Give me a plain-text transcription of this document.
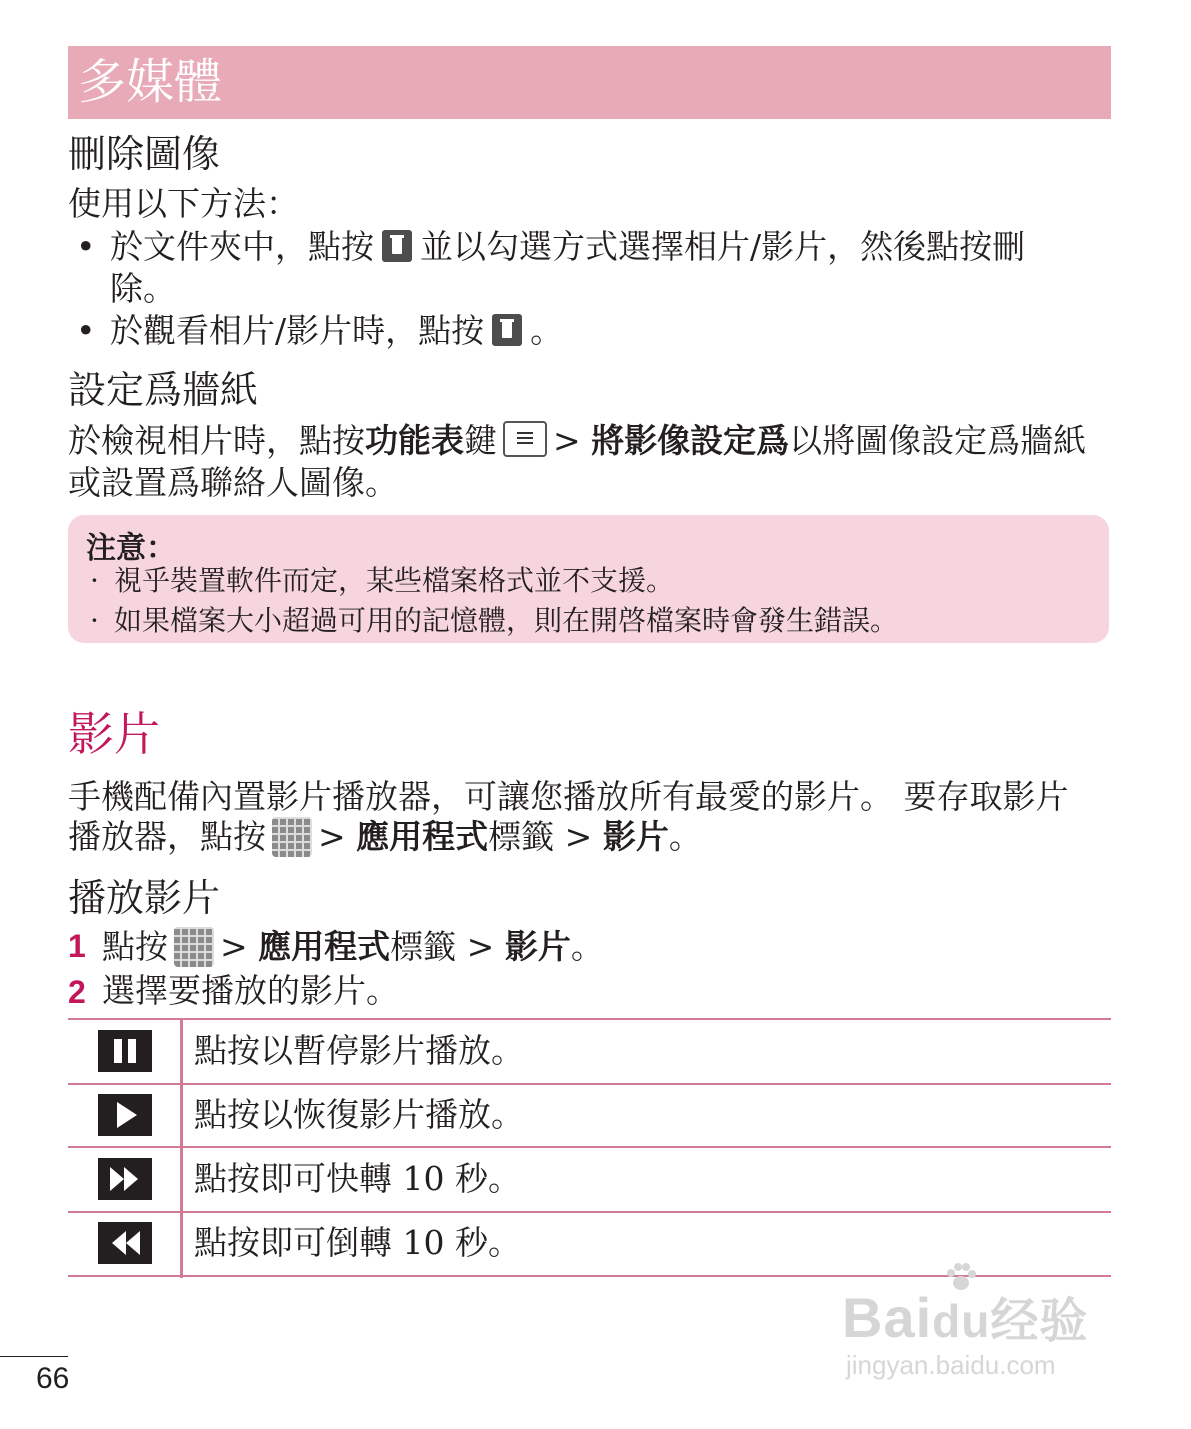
多媒體
刪除圖像
使用以下方法：
• 於文件夾中，點按 並以勾選方式選擇相片/影片，然後點按刪
除。
• 於觀看相片/影片時，點按 。
設定爲牆紙
於檢視相片時，點按功能表鍵 > 將影像設定爲以將圖像設定爲牆紙
或設置爲聯絡人圖像。
注意：
· 視乎裝置軟件而定，某些檔案格式並不支援。
· 如果檔案大小超過可用的記憶體，則在開啓檔案時會發生錯誤。
影片
手機配備內置影片播放器，可讓您播放所有最愛的影片。 要存取影片
播放器，點按 > 應用程式標籤 > 影片。
播放影片
1 點按 > 應用程式標籤 > 影片。
2 選擇要播放的影片。
點按以暫停影片播放。
點按以恢復影片播放。
點按即可快轉 10 秒。
點按即可倒轉 10 秒。
66
Baidu经验
jingyan.baidu.com
